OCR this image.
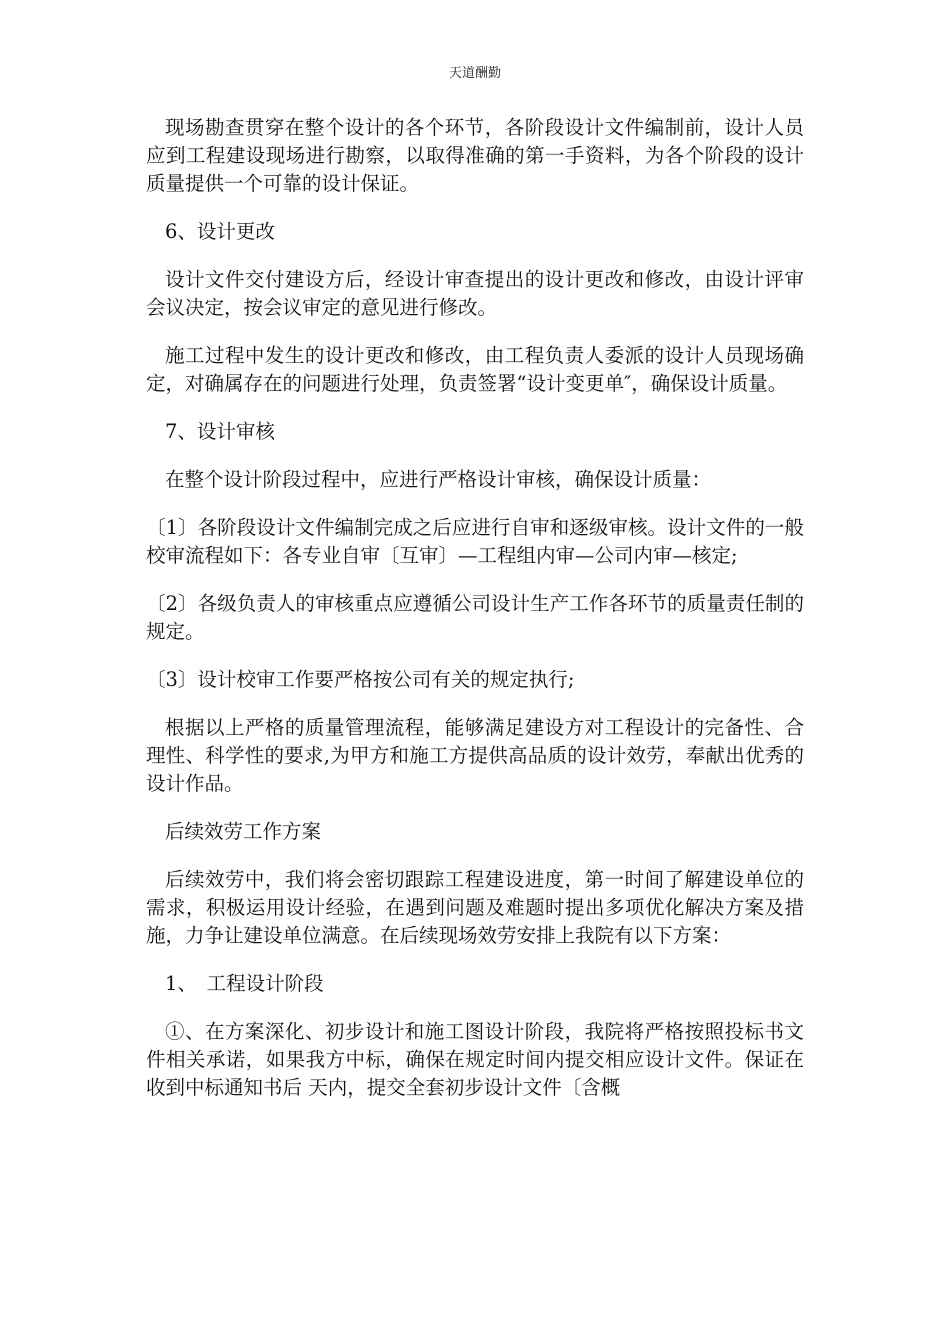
天道酬勤

现场勘查贯穿在整个设计的各个环节，各阶段设计文件编制前，设计人员应到工程建设现场进行勘察，以取得准确的第一手资料，为各个阶段的设计质量提供一个可靠的设计保证。

6、设计更改

设计文件交付建设方后，经设计审查提出的设计更改和修改，由设计评审会议决定，按会议审定的意见进行修改。

施工过程中发生的设计更改和修改，由工程负责人委派的设计人员现场确定，对确属存在的问题进行处理，负责签署“设计变更单″，确保设计质量。

7、设计审核

在整个设计阶段过程中，应进行严格设计审核，确保设计质量：

〔1〕各阶段设计文件编制完成之后应进行自审和逐级审核。设计文件的一般校审流程如下：各专业自审〔互审〕—工程组内审—公司内审—核定;

〔2〕各级负责人的审核重点应遵循公司设计生产工作各环节的质量责任制的规定。

〔3〕设计校审工作要严格按公司有关的规定执行;

根据以上严格的质量管理流程，能够满足建设方对工程设计的完备性、合理性、科学性的要求,为甲方和施工方提供高品质的设计效劳，奉献出优秀的设计作品。

后续效劳工作方案

后续效劳中，我们将会密切跟踪工程建设进度，第一时间了解建设单位的需求，积极运用设计经验，在遇到问题及难题时提出多项优化解决方案及措施，力争让建设单位满意。在后续现场效劳安排上我院有以下方案：

1、　工程设计阶段

①、在方案深化、初步设计和施工图设计阶段，我院将严格按照投标书文件相关承诺，如果我方中标，确保在规定时间内提交相应设计文件。保证在收到中标通知书后 天内，提交全套初步设计文件〔含概
